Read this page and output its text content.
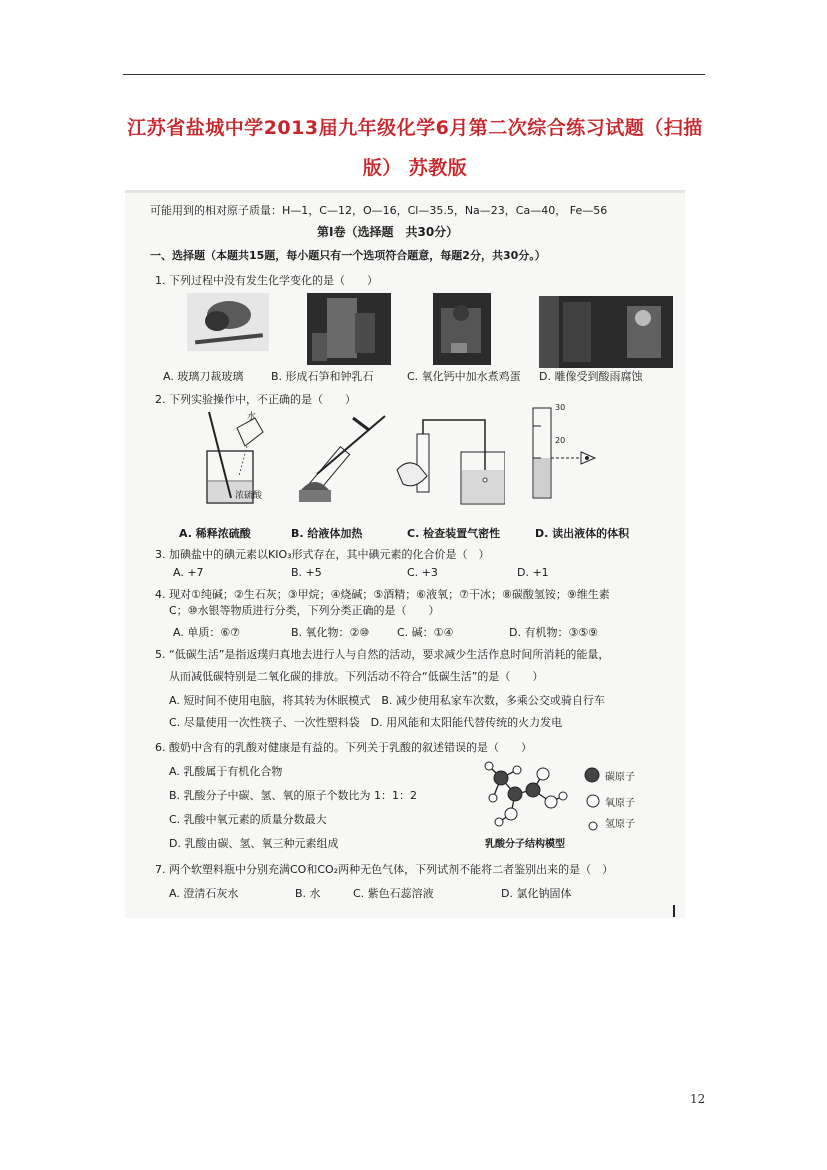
江苏省盐城中学2013届九年级化学6月第二次综合练习试题（扫描
版） 苏教版
可能用到的相对原子质量：H—1，C—12，O—16，Cl—35.5，Na—23，Ca—40， Fe—56
第Ⅰ卷（选择题　共30分）
一、选择题（本题共15题，每小题只有一个选项符合题意，每题2分，共30分。）
1. 下列过程中没有发生化学变化的是（　　）
A. 玻璃刀裁玻璃	B. 形成石笋和钟乳石	C. 氧化钙中加水煮鸡蛋 D. 雕像受到酸雨腐蚀
2. 下列实验操作中，不正确的是（　　）
水
浓硫酸
30
20
A. 稀释浓硫酸	B. 给液体加热	C. 检查装置气密性	D. 读出液体的体积
3. 加碘盐中的碘元素以KIO₃形式存在，其中碘元素的化合价是（　）
A. +7	B. +5	C. +3	D. +1
4. 现对①纯碱；②生石灰；③甲烷；④烧碱；⑤酒精；⑥液氧；⑦干冰；⑧碳酸氢铵；⑨维生素
C；⑩水银等物质进行分类，下列分类正确的是（　　）
A. 单质：⑥⑦	B. 氧化物：②⑩	C. 碱：①④	D. 有机物：③⑤⑨
5. “低碳生活”是指返璞归真地去进行人与自然的活动，要求减少生活作息时间所消耗的能量，
从而减低碳特别是二氧化碳的排放。下列活动不符合“低碳生活”的是（　　）
A. 短时间不使用电脑，将其转为休眠模式　B. 减少使用私家车次数，多乘公交或骑自行车
C. 尽量使用一次性筷子、一次性塑料袋　D. 用风能和太阳能代替传统的火力发电
6. 酸奶中含有的乳酸对健康是有益的。下列关于乳酸的叙述错误的是（　　）
A. 乳酸属于有机化合物
B. 乳酸分子中碳、氢、氧的原子个数比为 1：1：2
C. 乳酸中氧元素的质量分数最大
D. 乳酸由碳、氢、氧三种元素组成
碳原子
氧原子
氢原子
乳酸分子结构模型
7. 两个软塑料瓶中分别充满CO和CO₂两种无色气体，下列试剂不能将二者鉴别出来的是（　）
A. 澄清石灰水	B. 水	C. 紫色石蕊溶液	D. 氯化钠固体
12
